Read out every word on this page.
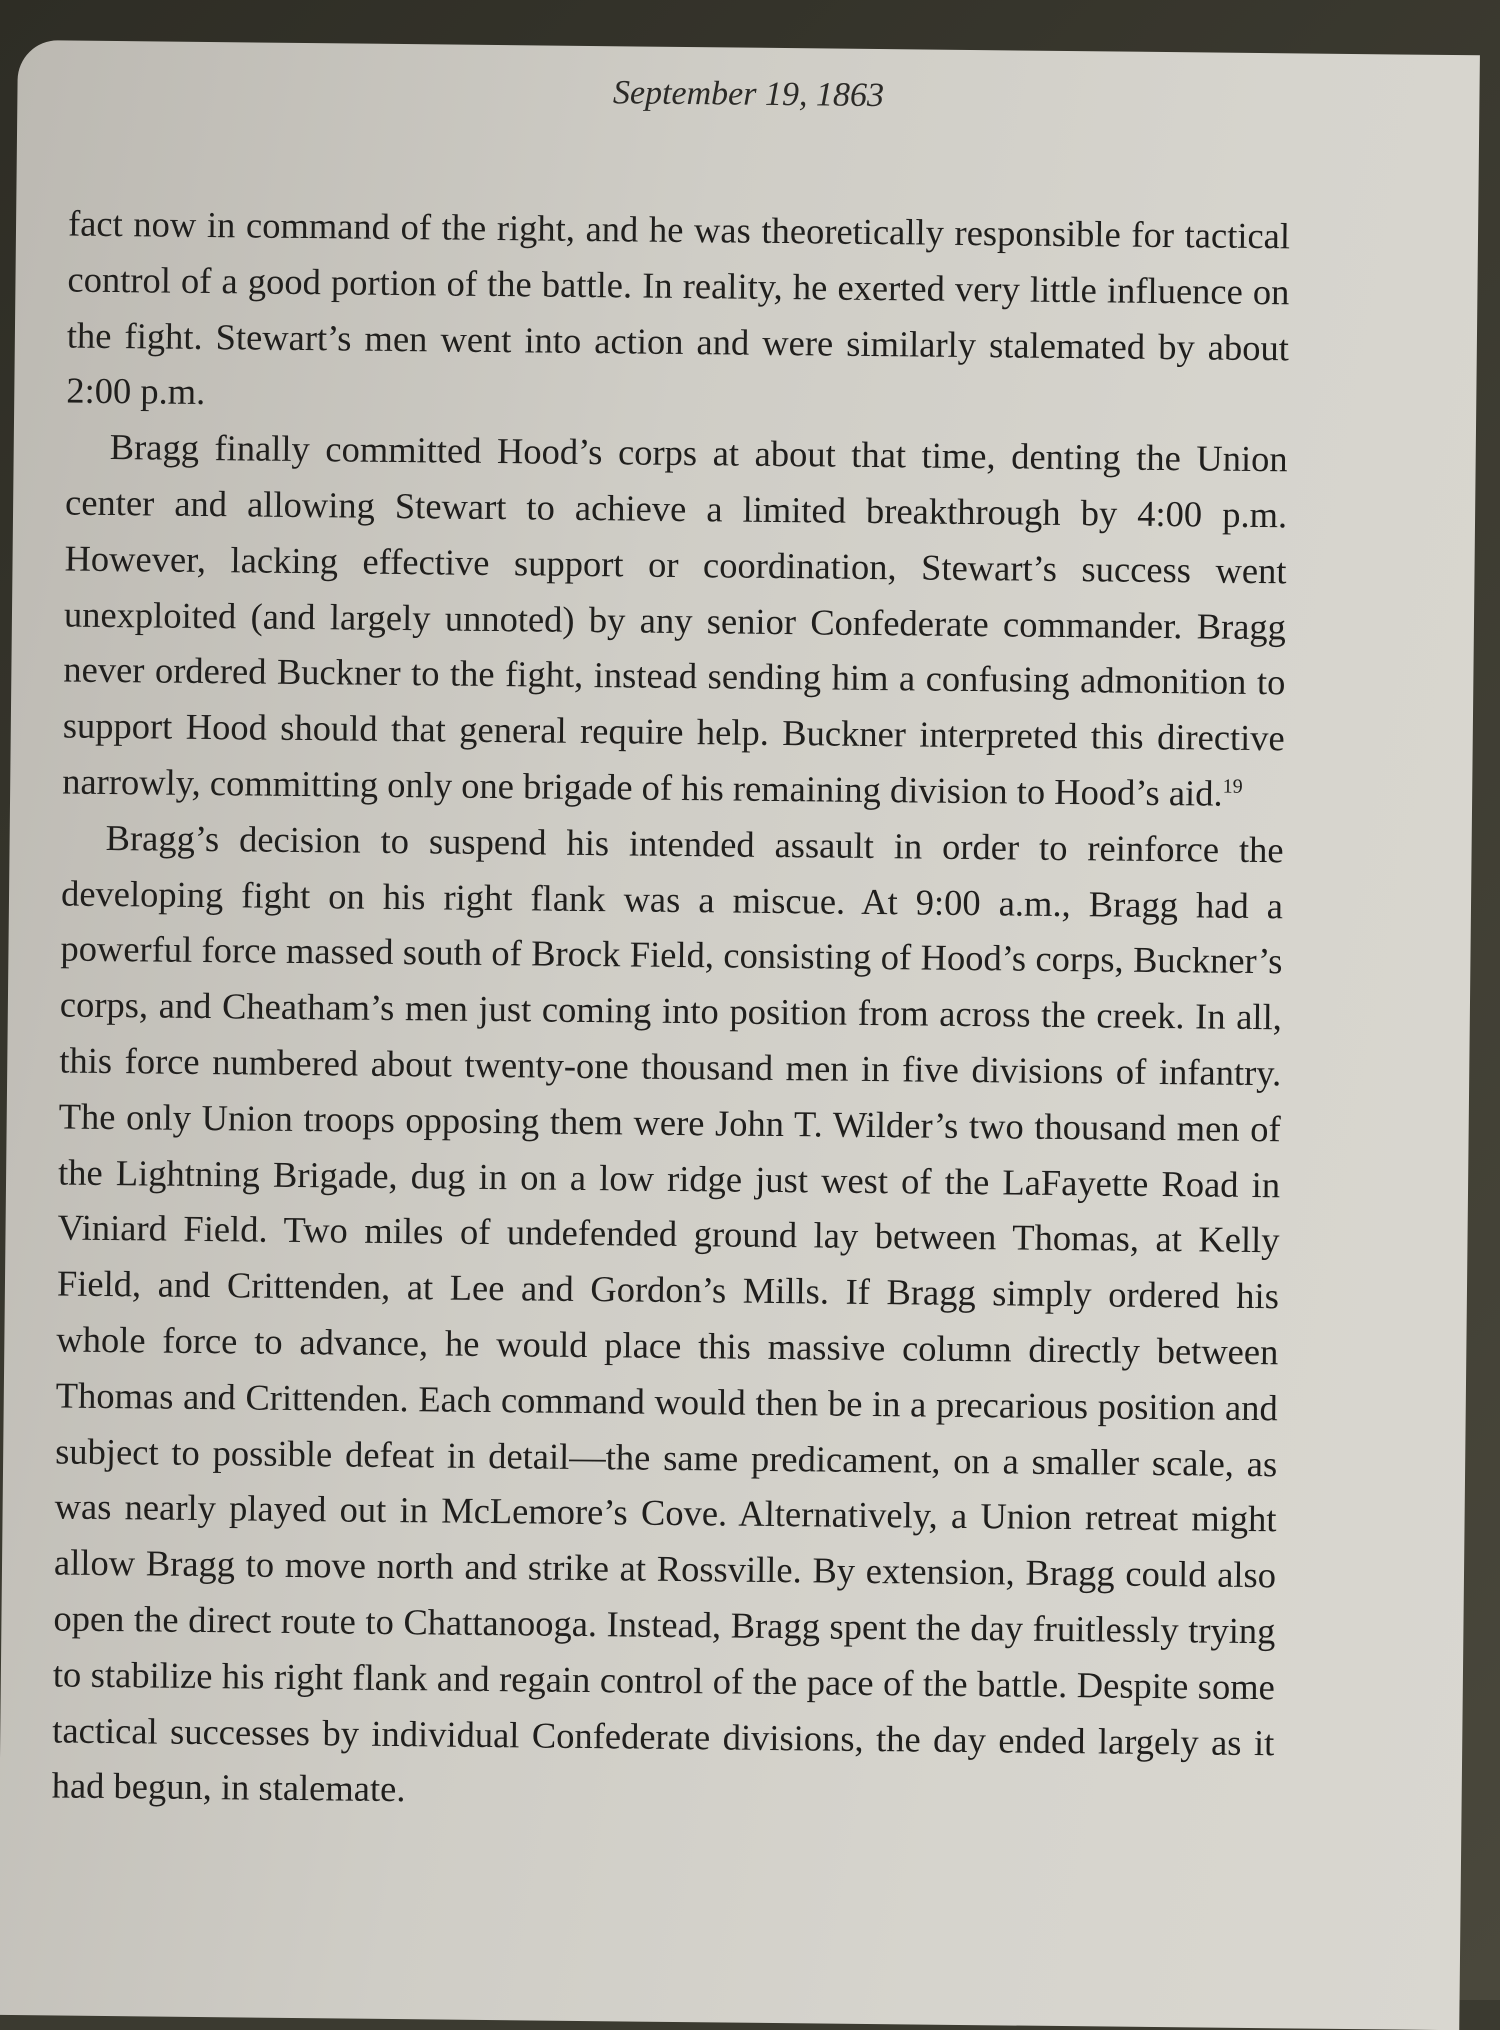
September 19, 1863

fact now in command of the right, and he was theoretically responsible for tactical control of a good portion of the battle. In reality, he exerted very little influence on the fight. Stewart’s men went into action and were similarly stalemated by about 2:00 p.m.

Bragg finally committed Hood’s corps at about that time, denting the Union center and allowing Stewart to achieve a limited breakthrough by 4:00 p.m. However, lacking effective support or coordination, Stewart’s success went unexploited (and largely unnoted) by any senior Confederate commander. Bragg never ordered Buckner to the fight, instead sending him a confusing admonition to support Hood should that general require help. Buckner interpreted this directive narrowly, committing only one brigade of his remaining division to Hood’s aid.$^{19}$

Bragg’s decision to suspend his intended assault in order to reinforce the developing fight on his right flank was a miscue. At 9:00 a.m., Bragg had a powerful force massed south of Brock Field, consisting of Hood’s corps, Buckner’s corps, and Cheatham’s men just coming into position from across the creek. In all, this force numbered about twenty-one thousand men in five divisions of infantry. The only Union troops opposing them were John T. Wilder’s two thousand men of the Lightning Brigade, dug in on a low ridge just west of the LaFayette Road in Viniard Field. Two miles of undefended ground lay between Thomas, at Kelly Field, and Crittenden, at Lee and Gordon’s Mills. If Bragg simply ordered his whole force to advance, he would place this massive column directly between Thomas and Crittenden. Each command would then be in a precarious position and subject to possible defeat in detail—the same predicament, on a smaller scale, as was nearly played out in McLemore’s Cove. Alternatively, a Union retreat might allow Bragg to move north and strike at Rossville. By extension, Bragg could also open the direct route to Chattanooga. Instead, Bragg spent the day fruitlessly trying to stabilize his right flank and regain control of the pace of the battle. Despite some tactical successes by individual Confederate divisions, the day ended largely as it had begun, in stalemate.
